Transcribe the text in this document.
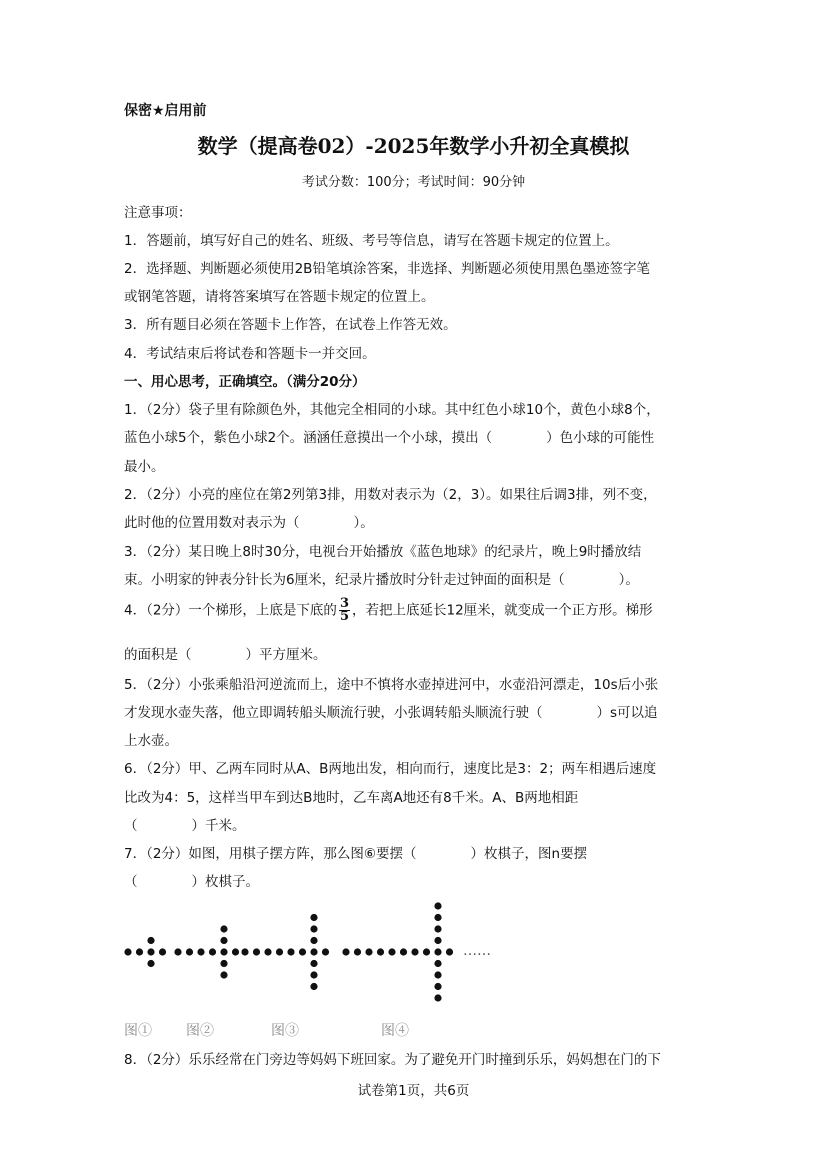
保密★启用前
数学（提高卷02）-2025年数学小升初全真模拟
考试分数：100分；考试时间：90分钟
注意事项：
1．答题前，填写好自己的姓名、班级、考号等信息，请写在答题卡规定的位置上。
2．选择题、判断题必须使用2B铅笔填涂答案，非选择、判断题必须使用黑色墨迹签字笔
或钢笔答题，请将答案填写在答题卡规定的位置上。
3．所有题目必须在答题卡上作答，在试卷上作答无效。
4．考试结束后将试卷和答题卡一并交回。
一、用心思考，正确填空。（满分20分）
1．（2分）袋子里有除颜色外，其他完全相同的小球。其中红色小球10个，黄色小球8个，
蓝色小球5个，紫色小球2个。涵涵任意摸出一个小球，摸出（　　　　）色小球的可能性
最小。
2．（2分）小亮的座位在第2列第3排，用数对表示为（2，3）。如果往后调3排，列不变，
此时他的位置用数对表示为（　　　　）。
3．（2分）某日晚上8时30分，电视台开始播放《蓝色地球》的纪录片，晚上9时播放结
束。小明家的钟表分针长为6厘米，纪录片播放时分针走过钟面的面积是（　　　　）。
4．（2分）一个梯形，上底是下底的 $\frac{3}{5}$ ，若把上底延长12厘米，就变成一个正方形。梯形
的面积是（　　　　）平方厘米。
5．（2分）小张乘船沿河逆流而上，途中不慎将水壶掉进河中，水壶沿河漂走，10s后小张
才发现水壶失落，他立即调转船头顺流行驶，小张调转船头顺流行驶（　　　　）s可以追
上水壶。
6．（2分）甲、乙两车同时从A、B两地出发，相向而行，速度比是3：2；两车相遇后速度
比改为4：5，这样当甲车到达B地时，乙车离A地还有8千米。A、B两地相距
（　　　　）千米。
7．（2分）如图，用棋子摆方阵，那么图⑥要摆（　　　　）枚棋子，图n要摆
（　　　　）枚棋子。
……
图① 图②	图③	图④
8．（2分）乐乐经常在门旁边等妈妈下班回家。为了避免开门时撞到乐乐，妈妈想在门的下
试卷第1页，共6页
